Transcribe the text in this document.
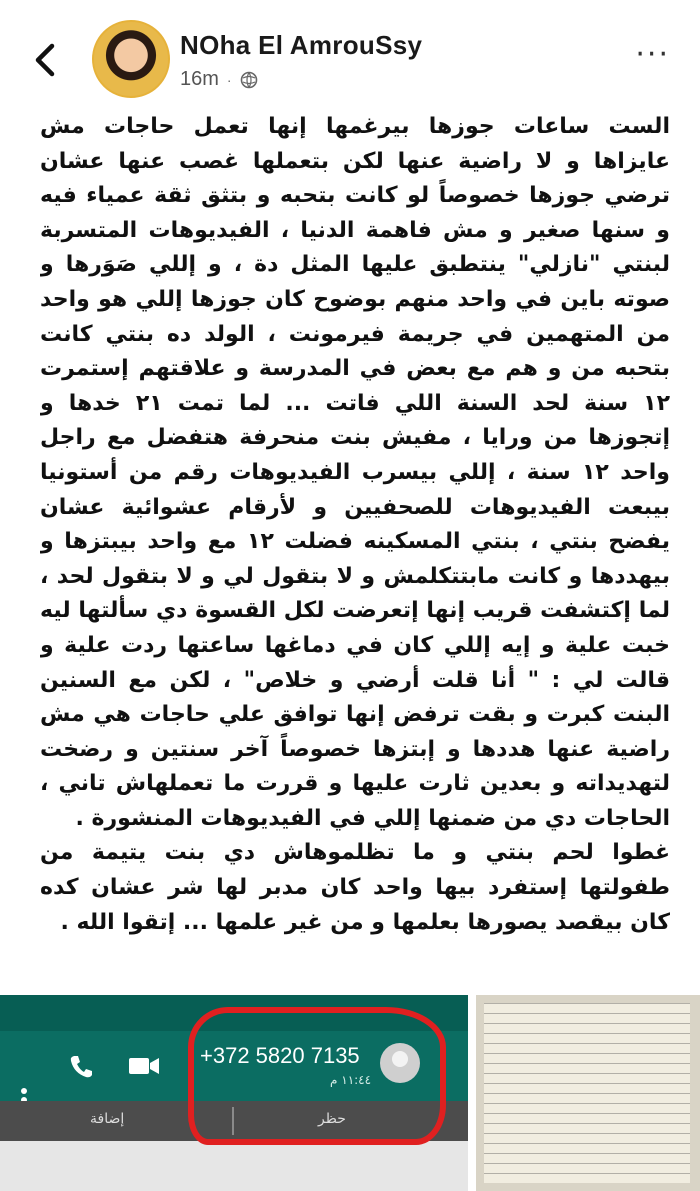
NOha El AmrouSsy
16m ·
···
الست ساعات جوزها بيرغمها إنها تعمل حاجات مش عايزاها و لا راضية عنها لكن بتعملها غصب عنها عشان ترضي جوزها خصوصاً لو كانت بتحبه و بتثق ثقة عمياء فيه و سنها صغير و مش فاهمة الدنيا ، الفيديوهات المتسربة لبنتي "نازلي" ينتطبق عليها المثل دة ، و إللي صَوَرها و صوته باين في واحد منهم بوضوح كان جوزها إللي هو واحد من المتهمين في جريمة فيرمونت ، الولد ده بنتي كانت بتحبه من و هم مع بعض في المدرسة و علاقتهم إستمرت ١٢ سنة لحد السنة اللي فاتت ... لما تمت ٢١ خدها و إتجوزها من ورايا ، مفيش بنت منحرفة هتفضل مع راجل واحد ١٢ سنة ، إللي بيسرب الفيديوهات رقم من أستونيا بيبعت الفيديوهات للصحفيين و لأرقام عشوائية عشان يفضح بنتي ، بنتي المسكينه فضلت ١٢ مع واحد بيبتزها و بيهددها و كانت مابتتكلمش و لا بتقول لي و لا بتقول لحد ، لما إكتشفت قريب إنها إتعرضت لكل القسوة دي سألتها ليه خبت علية و إيه إللي كان في دماغها ساعتها ردت علية و قالت لي : " أنا قلت أرضي و خلاص" ، لكن مع السنين البنت كبرت و بقت ترفض إنها توافق علي حاجات هي مش راضية عنها هددها و إبتزها خصوصاً آخر سنتين و رضخت لتهديداته و بعدين ثارت عليها و قررت ما تعملهاش تاني ، الحاجات دي من ضمنها إللي في الفيديوهات المنشورة .
غطوا لحم بنتي و ما تظلموهاش دي بنت يتيمة من طفولتها إستفرد بيها واحد كان مدبر لها شر عشان كده كان بيقصد يصورها بعلمها و من غير علمها ... إتقوا الله .
+372 5820 7135
١١:٤٤ م
إضافة	حظر
